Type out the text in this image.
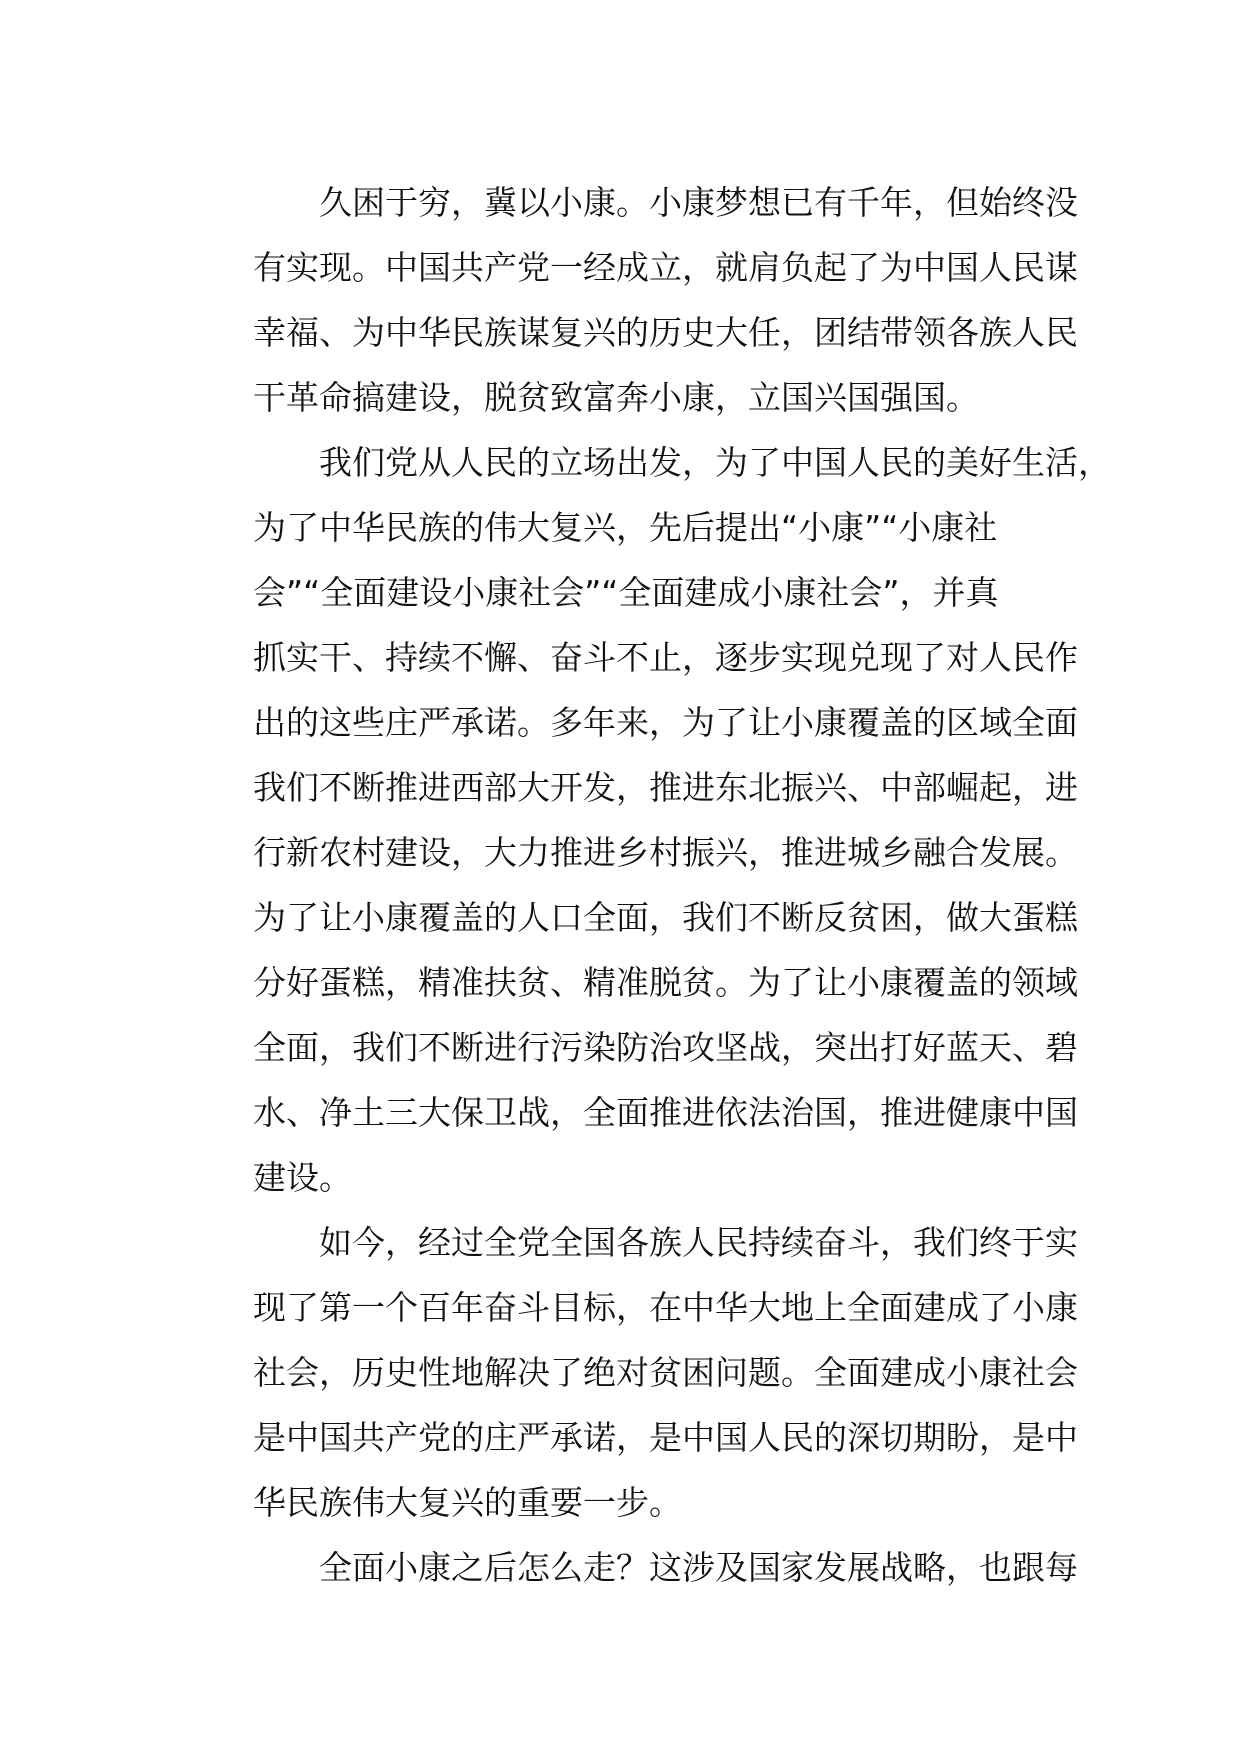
久困于穷，冀以小康。小康梦想已有千年，但始终没
有实现。中国共产党一经成立，就肩负起了为中国人民谋
幸福、为中华民族谋复兴的历史大任，团结带领各族人民
干革命搞建设，脱贫致富奔小康，立国兴国强国。
我们党从人民的立场出发，为了中国人民的美好生活，
为了中华民族的伟大复兴，先后提出“小康”“小康社
会”“全面建设小康社会”“全面建成小康社会”，并真
抓实干、持续不懈、奋斗不止，逐步实现兑现了对人民作
出的这些庄严承诺。多年来，为了让小康覆盖的区域全面
我们不断推进西部大开发，推进东北振兴、中部崛起，进
行新农村建设，大力推进乡村振兴，推进城乡融合发展。
为了让小康覆盖的人口全面，我们不断反贫困，做大蛋糕
分好蛋糕，精准扶贫、精准脱贫。为了让小康覆盖的领域
全面，我们不断进行污染防治攻坚战，突出打好蓝天、碧
水、净土三大保卫战，全面推进依法治国，推进健康中国
建设。
如今，经过全党全国各族人民持续奋斗，我们终于实
现了第一个百年奋斗目标，在中华大地上全面建成了小康
社会，历史性地解决了绝对贫困问题。全面建成小康社会
是中国共产党的庄严承诺，是中国人民的深切期盼，是中
华民族伟大复兴的重要一步。
全面小康之后怎么走？这涉及国家发展战略，也跟每
